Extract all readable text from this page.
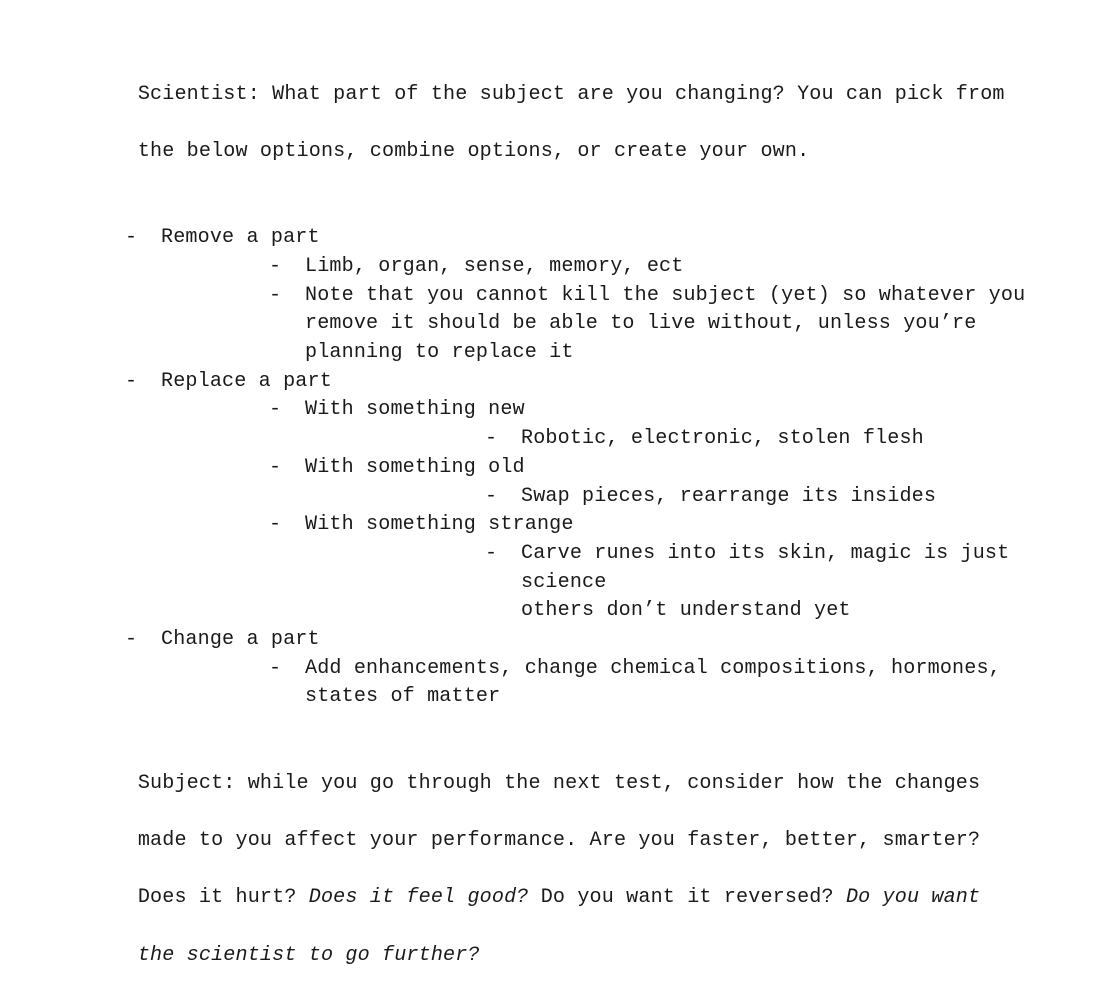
Scientist: What part of the subject are you changing? You can pick from

the below options, combine options, or create your own.

- Remove a part
- Limb, organ, sense, memory, ect
- Note that you cannot kill the subject (yet) so whatever you
remove it should be able to live without, unless you’re
planning to replace it
- Replace a part
- With something new
- Robotic, electronic, stolen flesh
- With something old
- Swap pieces, rearrange its insides
- With something strange
- Carve runes into its skin, magic is just science
others don’t understand yet
- Change a part
- Add enhancements, change chemical compositions, hormones,
states of matter

Subject: while you go through the next test, consider how the changes

made to you affect your performance. Are you faster, better, smarter?

Does it hurt? Does it feel good? Do you want it reversed? Do you want

the scientist to go further?
